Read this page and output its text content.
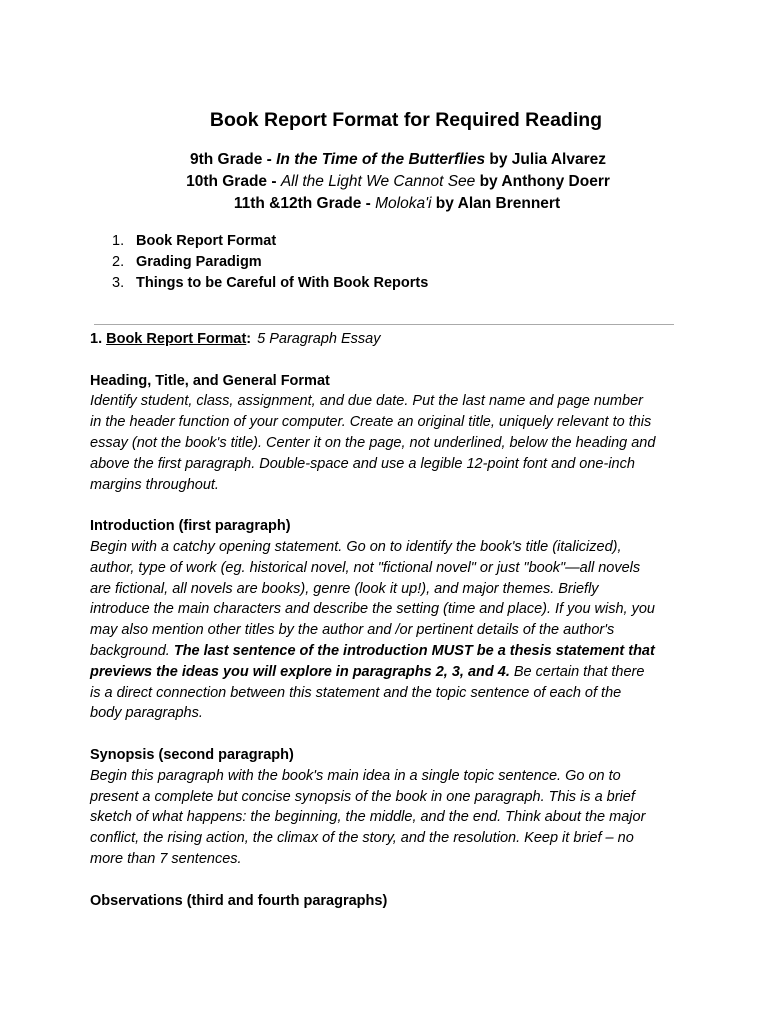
Book Report Format for Required Reading
9th Grade - In the Time of the Butterflies by Julia Alvarez
10th Grade - All the Light We Cannot See by Anthony Doerr
11th &12th Grade - Moloka'i by Alan Brennert
1. Book Report Format
2. Grading Paradigm
3. Things to be Careful of With Book Reports
1. Book Report Format: 5 Paragraph Essay
Heading, Title, and General Format
Identify student, class, assignment, and due date. Put the last name and page number
in the header function of your computer. Create an original title, uniquely relevant to this
essay (not the book's title). Center it on the page, not underlined, below the heading and
above the first paragraph. Double-space and use a legible 12-point font and one-inch
margins throughout.
Introduction (first paragraph)
Begin with a catchy opening statement. Go on to identify the book's title (italicized),
author, type of work (eg. historical novel, not "fictional novel" or just "book"—all novels
are fictional, all novels are books), genre (look it up!), and major themes. Briefly
introduce the main characters and describe the setting (time and place). If you wish, you
may also mention other titles by the author and /or pertinent details of the author's
background. The last sentence of the introduction MUST be a thesis statement that
previews the ideas you will explore in paragraphs 2, 3, and 4. Be certain that there
is a direct connection between this statement and the topic sentence of each of the
body paragraphs.
Synopsis (second paragraph)
Begin this paragraph with the book's main idea in a single topic sentence. Go on to
present a complete but concise synopsis of the book in one paragraph. This is a brief
sketch of what happens: the beginning, the middle, and the end. Think about the major
conflict, the rising action, the climax of the story, and the resolution. Keep it brief – no
more than 7 sentences.
Observations (third and fourth paragraphs)
